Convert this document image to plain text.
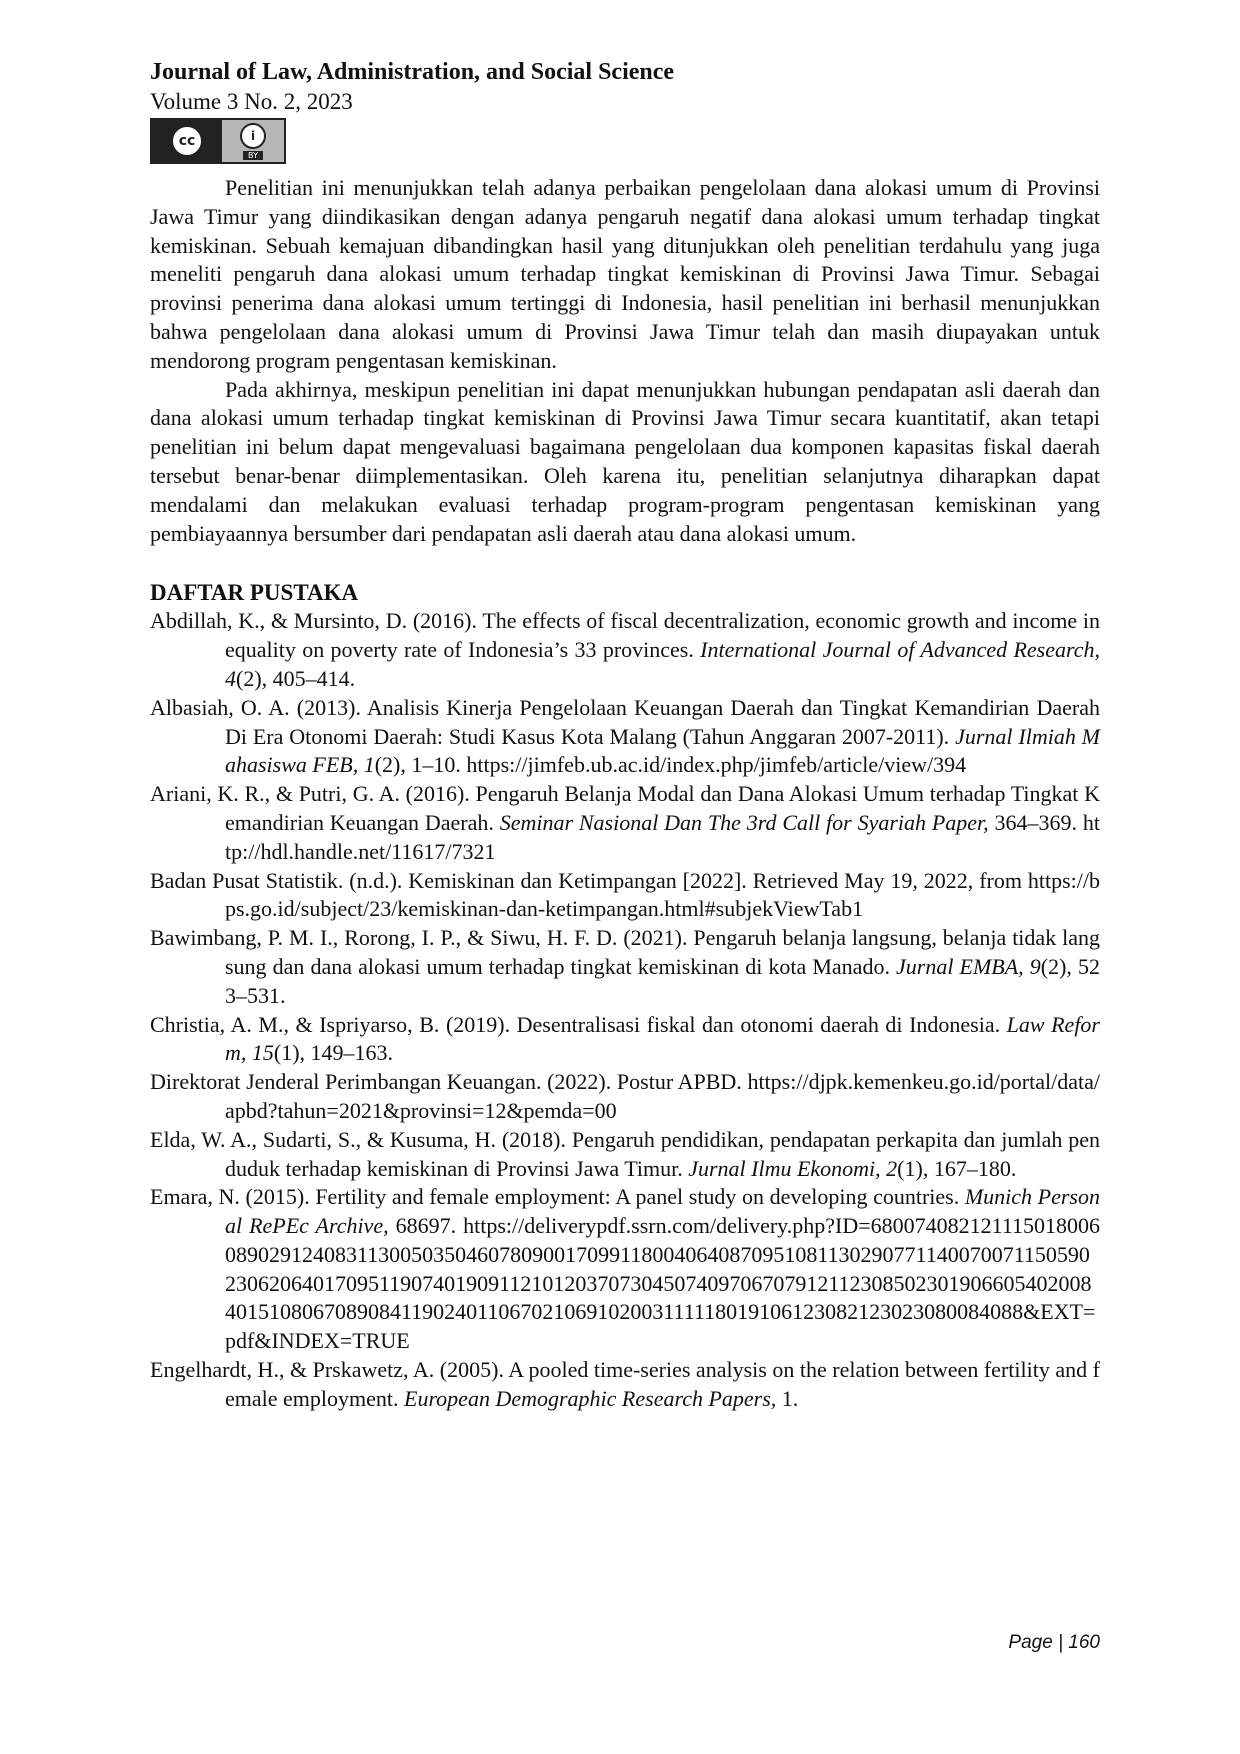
Journal of Law, Administration, and Social Science
Volume 3 No. 2, 2023
cc	i
BY

Penelitian ini menunjukkan telah adanya perbaikan pengelolaan dana alokasi umum di Provinsi Jawa Timur yang diindikasikan dengan adanya pengaruh negatif dana alokasi umum terhadap tingkat kemiskinan. Sebuah kemajuan dibandingkan hasil yang ditunjukkan oleh penelitian terdahulu yang juga meneliti pengaruh dana alokasi umum terhadap tingkat kemiskinan di Provinsi Jawa Timur. Sebagai provinsi penerima dana alokasi umum tertinggi di Indonesia, hasil penelitian ini berhasil menunjukkan bahwa pengelolaan dana alokasi umum di Provinsi Jawa Timur telah dan masih diupayakan untuk mendorong program pengentasan kemiskinan.

Pada akhirnya, meskipun penelitian ini dapat menunjukkan hubungan pendapatan asli daerah dan dana alokasi umum terhadap tingkat kemiskinan di Provinsi Jawa Timur secara kuantitatif, akan tetapi penelitian ini belum dapat mengevaluasi bagaimana pengelolaan dua komponen kapasitas fiskal daerah tersebut benar-benar diimplementasikan. Oleh karena itu, penelitian selanjutnya diharapkan dapat mendalami dan melakukan evaluasi terhadap program-program pengentasan kemiskinan yang pembiayaannya bersumber dari pendapatan asli daerah atau dana alokasi umum.

DAFTAR PUSTAKA

Abdillah, K., & Mursinto, D. (2016). The effects of fiscal decentralization, economic growth and income inequality on poverty rate of Indonesia’s 33 provinces. International Journal of Advanced Research, 4(2), 405–414.

Albasiah, O. A. (2013). Analisis Kinerja Pengelolaan Keuangan Daerah dan Tingkat Kemandirian Daerah Di Era Otonomi Daerah: Studi Kasus Kota Malang (Tahun Anggaran 2007-2011). Jurnal Ilmiah Mahasiswa FEB, 1(2), 1–10. https://jimfeb.ub.ac.id/index.php/jimfeb/article/view/394

Ariani, K. R., & Putri, G. A. (2016). Pengaruh Belanja Modal dan Dana Alokasi Umum terhadap Tingkat Kemandirian Keuangan Daerah. Seminar Nasional Dan The 3rd Call for Syariah Paper, 364–369. http://hdl.handle.net/11617/7321

Badan Pusat Statistik. (n.d.). Kemiskinan dan Ketimpangan [2022]. Retrieved May 19, 2022, from https://bps.go.id/subject/23/kemiskinan-dan-ketimpangan.html#subjekViewTab1

Bawimbang, P. M. I., Rorong, I. P., & Siwu, H. F. D. (2021). Pengaruh belanja langsung, belanja tidak langsung dan dana alokasi umum terhadap tingkat kemiskinan di kota Manado. Jurnal EMBA, 9(2), 523–531.

Christia, A. M., & Ispriyarso, B. (2019). Desentralisasi fiskal dan otonomi daerah di Indonesia. Law Reform, 15(1), 149–163.

Direktorat Jenderal Perimbangan Keuangan. (2022). Postur APBD. https://djpk.kemenkeu.go.id/portal/data/apbd?tahun=2021&provinsi=12&pemda=00

Elda, W. A., Sudarti, S., & Kusuma, H. (2018). Pengaruh pendidikan, pendapatan perkapita dan jumlah penduduk terhadap kemiskinan di Provinsi Jawa Timur. Jurnal Ilmu Ekonomi, 2(1), 167–180.

Emara, N. (2015). Fertility and female employment: A panel study on developing countries. Munich Personal RePEc Archive, 68697. https://deliverypdf.ssrn.com/delivery.php?ID=680074082121115018006089029124083113005035046078090017099118004064087095108113029077114007007115059023062064017095119074019091121012037073045074097067079121123085023019066054020084015108067089084119024011067021069102003111118019106123082123023080084088&EXT=pdf&INDEX=TRUE

Engelhardt, H., & Prskawetz, A. (2005). A pooled time-series analysis on the relation between fertility and female employment. European Demographic Research Papers, 1.

Page | 160
